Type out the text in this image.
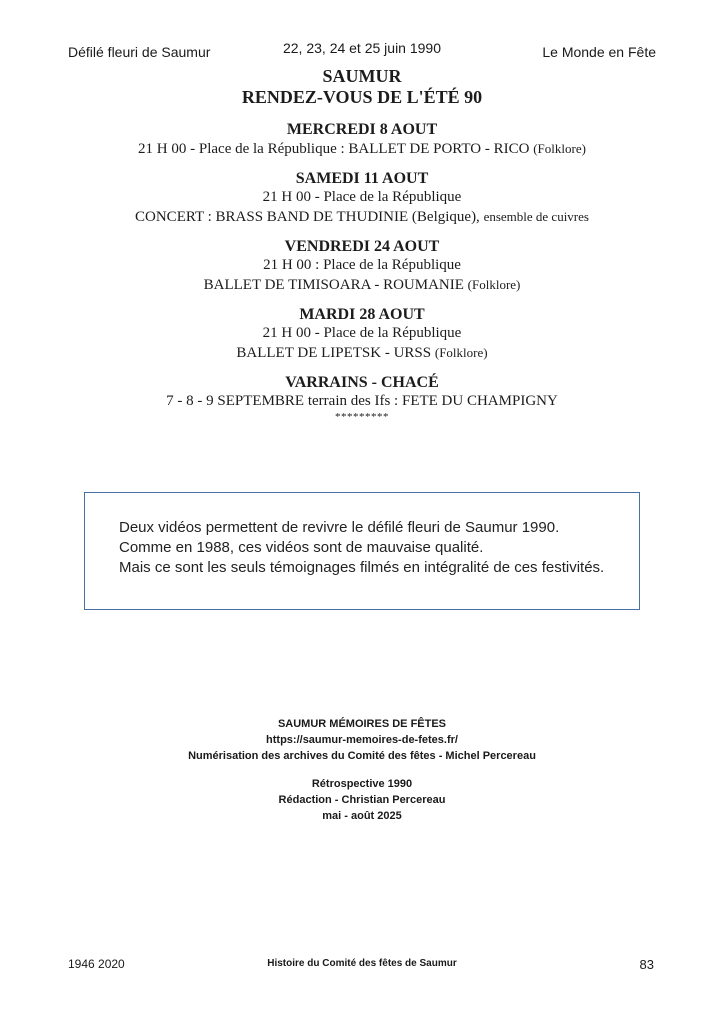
Défilé fleuri de Saumur	22, 23, 24 et 25 juin 1990	Le Monde en Fête
SAUMUR
RENDEZ-VOUS DE L'ÉTÉ 90
MERCREDI 8 AOUT
21 H 00 - Place de la République : BALLET DE PORTO - RICO (Folklore)
SAMEDI 11 AOUT
21 H 00 - Place de la République
CONCERT : BRASS BAND DE THUDINIE (Belgique), ensemble de cuivres
VENDREDI 24 AOUT
21 H 00 : Place de la République
BALLET DE TIMISOARA - ROUMANIE (Folklore)
MARDI 28 AOUT
21 H 00 - Place de la République
BALLET DE LIPETSK - URSS (Folklore)
VARRAINS - CHACÉ
7 - 8 - 9 SEPTEMBRE terrain des Ifs : FETE DU CHAMPIGNY
*********
Deux vidéos permettent de revivre le défilé fleuri de Saumur 1990.
Comme en 1988, ces vidéos sont de mauvaise qualité.
Mais ce sont les seuls témoignages filmés en intégralité de ces festivités.
SAUMUR MÉMOIRES DE FÊTES
https://saumur-memoires-de-fetes.fr/
Numérisation des archives du Comité des fêtes - Michel Percereau
Rétrospective 1990
Rédaction - Christian Percereau
mai - août 2025
1946 2020	Histoire du Comité des fêtes de Saumur	83
